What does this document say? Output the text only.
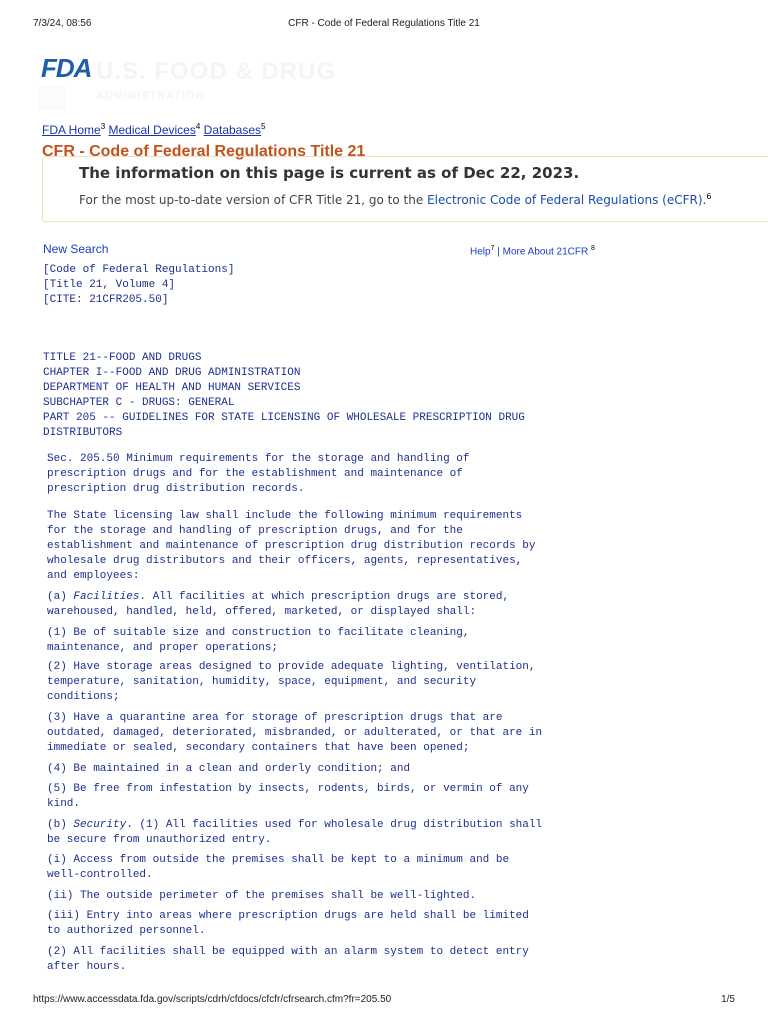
7/3/24, 08:56	CFR - Code of Federal Regulations Title 21
FDA U.S. FOOD & DRUG
ADMINISTRATION
FDA Home$^3$ Medical Devices$^4$ Databases$^5$
CFR - Code of Federal Regulations Title 21
The information on this page is current as of Dec 22, 2023.
For the most up-to-date version of CFR Title 21, go to the Electronic Code of Federal Regulations (eCFR).$^6$
New Search	Help$^7$ | More About 21CFR $^8$
[Code of Federal Regulations]
[Title 21, Volume 4]
[CITE: 21CFR205.50]
TITLE 21--FOOD AND DRUGS
CHAPTER I--FOOD AND DRUG ADMINISTRATION
DEPARTMENT OF HEALTH AND HUMAN SERVICES
SUBCHAPTER C - DRUGS: GENERAL
PART 205 -- GUIDELINES FOR STATE LICENSING OF WHOLESALE PRESCRIPTION DRUG
DISTRIBUTORS
Sec. 205.50 Minimum requirements for the storage and handling of
prescription drugs and for the establishment and maintenance of
prescription drug distribution records.
The State licensing law shall include the following minimum requirements
for the storage and handling of prescription drugs, and for the
establishment and maintenance of prescription drug distribution records by
wholesale drug distributors and their officers, agents, representatives,
and employees:
(a) Facilities. All facilities at which prescription drugs are stored,
warehoused, handled, held, offered, marketed, or displayed shall:
(1) Be of suitable size and construction to facilitate cleaning,
maintenance, and proper operations;
(2) Have storage areas designed to provide adequate lighting, ventilation,
temperature, sanitation, humidity, space, equipment, and security
conditions;
(3) Have a quarantine area for storage of prescription drugs that are
outdated, damaged, deteriorated, misbranded, or adulterated, or that are in
immediate or sealed, secondary containers that have been opened;
(4) Be maintained in a clean and orderly condition; and
(5) Be free from infestation by insects, rodents, birds, or vermin of any
kind.
(b) Security. (1) All facilities used for wholesale drug distribution shall
be secure from unauthorized entry.
(i) Access from outside the premises shall be kept to a minimum and be
well-controlled.
(ii) The outside perimeter of the premises shall be well-lighted.
(iii) Entry into areas where prescription drugs are held shall be limited
to authorized personnel.
(2) All facilities shall be equipped with an alarm system to detect entry
after hours.
https://www.accessdata.fda.gov/scripts/cdrh/cfdocs/cfcfr/cfrsearch.cfm?fr=205.50	1/5
